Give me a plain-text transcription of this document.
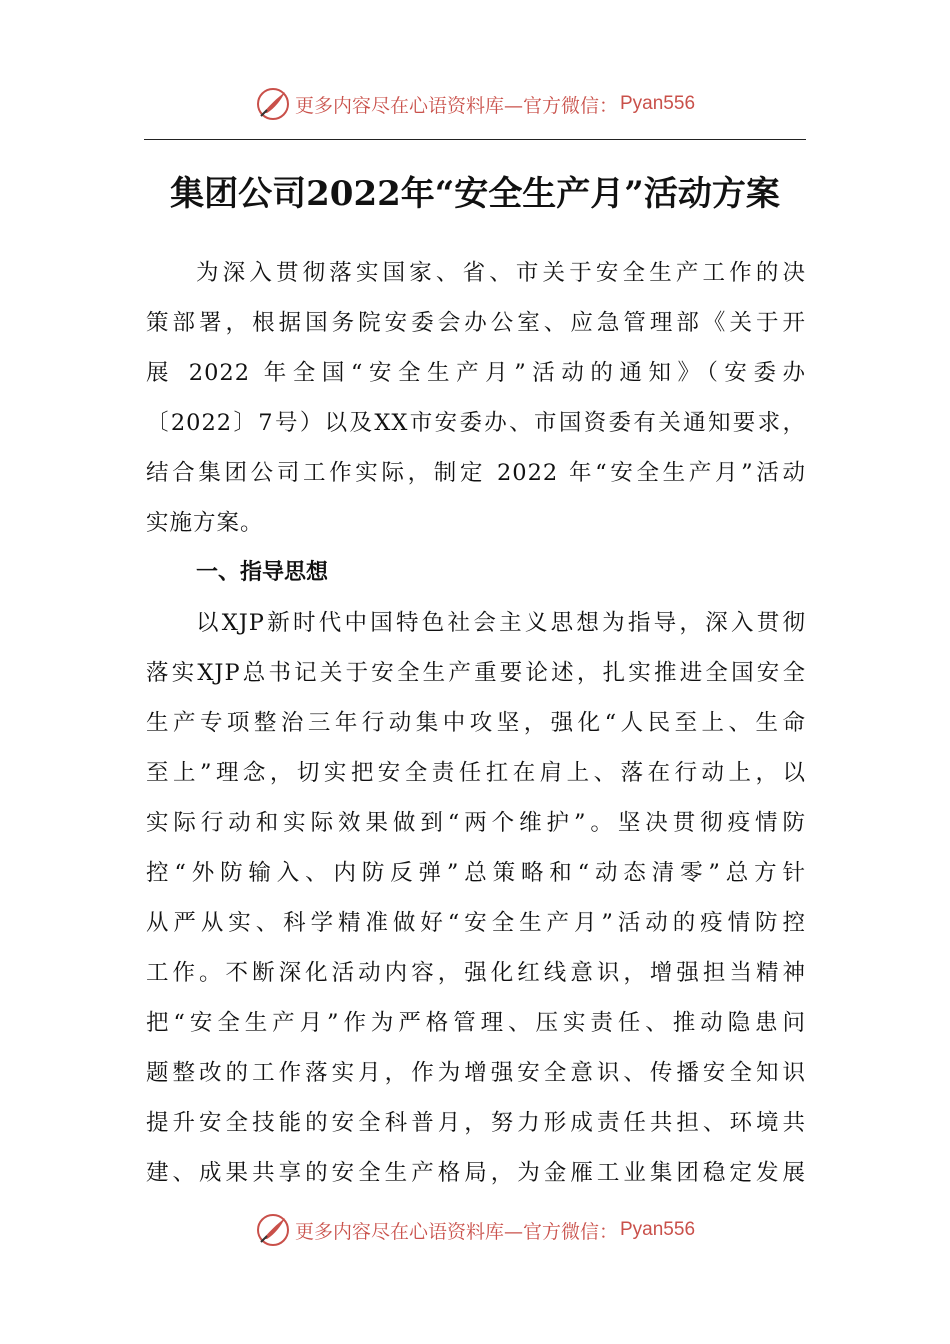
更多内容尽在心语资料库—官方微信： Pyan556
集团公司2022年“安全生产月”活动方案
为深入贯彻落实国家、省、市关于安全生产工作的决
策部署，根据国务院安委会办公室、应急管理部《关于开
展 2022 年全国“安全生产月”活动的通知》（安委办
〔2022〕7号）以及XX市安委办、市国资委有关通知要求，
结合集团公司工作实际，制定 2022 年“安全生产月”活动
实施方案。
一、指导思想
以XJP新时代中国特色社会主义思想为指导，深入贯彻
落实XJP总书记关于安全生产重要论述，扎实推进全国安全
生产专项整治三年行动集中攻坚，强化“人民至上、生命
至上”理念，切实把安全责任扛在肩上、落在行动上，以
实际行动和实际效果做到“两个维护”。坚决贯彻疫情防
控“外防输入、内防反弹”总策略和“动态清零”总方针
从严从实、科学精准做好“安全生产月”活动的疫情防控
工作。不断深化活动内容，强化红线意识，增强担当精神
把“安全生产月”作为严格管理、压实责任、推动隐患问
题整改的工作落实月，作为增强安全意识、传播安全知识
提升安全技能的安全科普月，努力形成责任共担、环境共
建、成果共享的安全生产格局，为金雁工业集团稳定发展
更多内容尽在心语资料库—官方微信： Pyan556
